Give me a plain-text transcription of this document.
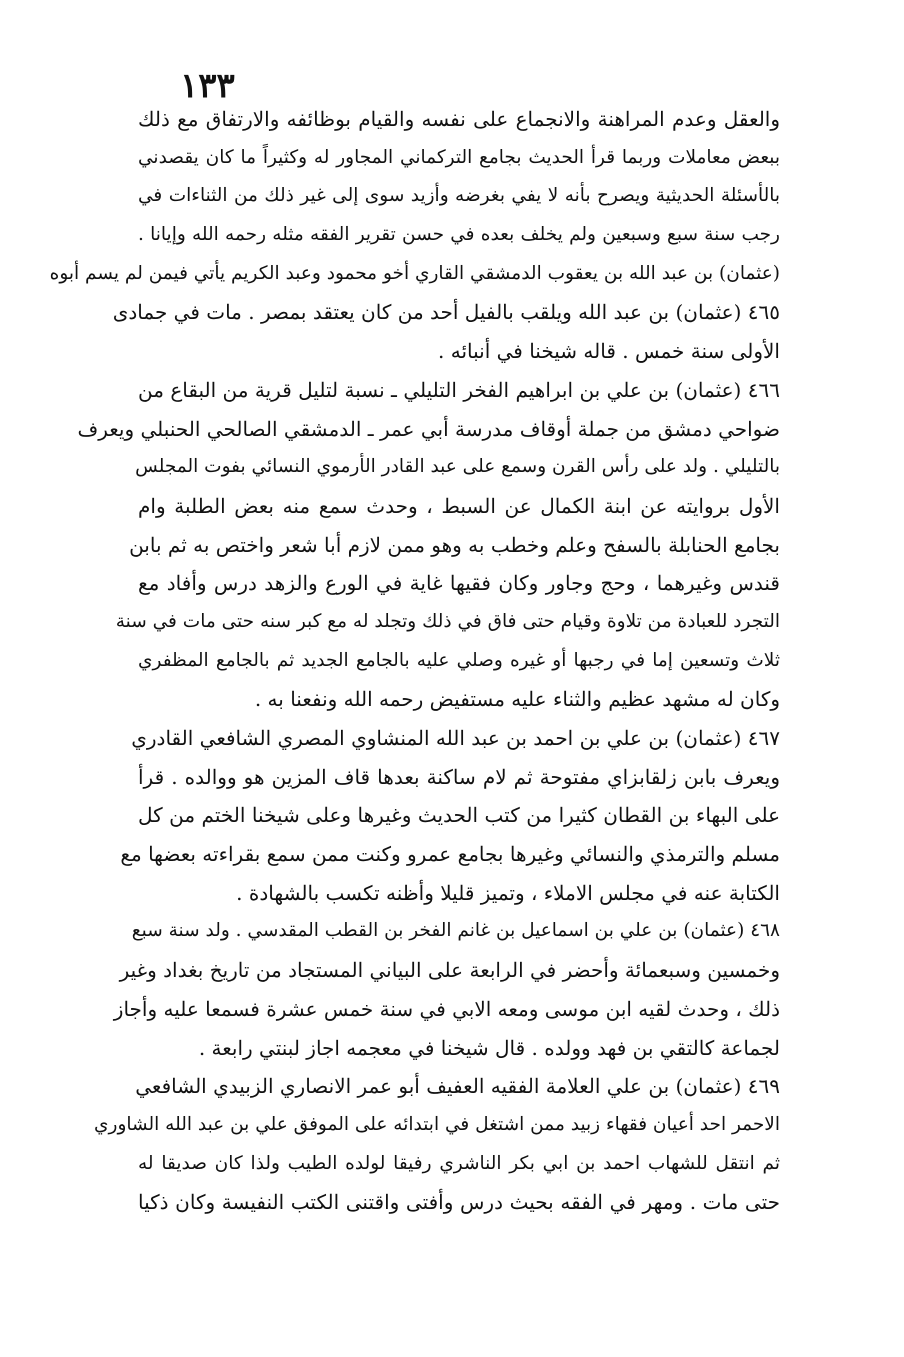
١٣٣
والعقل وعدم المراهنة والانجماع على نفسه والقيام بوظائفه والارتفاق مع ذلك
ببعض معاملات وربما قرأ الحديث بجامع التركماني المجاور له وكثيراً ما كان يقصدني
بالأسئلة الحديثية ويصرح بأنه لا يفي بغرضه وأزيد سوى إلى غير ذلك من الثناءات في
رجب سنة سبع وسبعين ولم يخلف بعده في حسن تقرير الفقه مثله رحمه الله وإيانا .
(عثمان) بن عبد الله بن يعقوب الدمشقي القاري أخو محمود وعبد الكريم يأتي فيمن لم يسم أبوه
٤٦٥ (عثمان) بن عبد الله ويلقب بالفيل أحد من كان يعتقد بمصر . مات في جمادى
الأولى سنة خمس . قاله شيخنا في أنبائه .
٤٦٦ (عثمان) بن علي بن ابراهيم الفخر التليلي ـ نسبة لتليل قرية من البقاع من
ضواحي دمشق من جملة أوقاف مدرسة أبي عمر ـ الدمشقي الصالحي الحنبلي ويعرف
بالتليلي . ولد على رأس القرن وسمع على عبد القادر الأرموي النسائي بفوت المجلس
الأول بروايته عن ابنة الكمال عن السبط ، وحدث سمع منه بعض الطلبة وام
بجامع الحنابلة بالسفح وعلم وخطب به وهو ممن لازم أبا شعر واختص به ثم بابن
قندس وغيرهما ، وحج وجاور وكان فقيها غاية في الورع والزهد درس وأفاد مع
التجرد للعبادة من تلاوة وقيام حتى فاق في ذلك وتجلد له مع كبر سنه حتى مات في سنة
ثلاث وتسعين إما في رجبها أو غيره وصلي عليه بالجامع الجديد ثم بالجامع المظفري
وكان له مشهد عظيم والثناء عليه مستفيض رحمه الله ونفعنا به .
٤٦٧ (عثمان) بن علي بن احمد بن عبد الله المنشاوي المصري الشافعي القادري
ويعرف بابن زلقابزاي مفتوحة ثم لام ساكنة بعدها قاف المزين هو ووالده . قرأ
على البهاء بن القطان كثيرا من كتب الحديث وغيرها وعلى شيخنا الختم من كل
مسلم والترمذي والنسائي وغيرها بجامع عمرو وكنت ممن سمع بقراءته بعضها مع
الكتابة عنه في مجلس الاملاء ، وتميز قليلا وأظنه تكسب بالشهادة .
٤٦٨ (عثمان) بن علي بن اسماعيل بن غانم الفخر بن القطب المقدسي . ولد سنة سبع
وخمسين وسبعمائة وأحضر في الرابعة على البياني المستجاد من تاريخ بغداد وغير
ذلك ، وحدث لقيه ابن موسى ومعه الابي في سنة خمس عشرة فسمعا عليه وأجاز
لجماعة كالتقي بن فهد وولده . قال شيخنا في معجمه اجاز لبنتي رابعة .
٤٦٩ (عثمان) بن علي العلامة الفقيه العفيف أبو عمر الانصاري الزبيدي الشافعي
الاحمر احد أعيان فقهاء زبيد ممن اشتغل في ابتدائه على الموفق علي بن عبد الله الشاوري
ثم انتقل للشهاب احمد بن ابي بكر الناشري رفيقا لولده الطيب ولذا كان صديقا له
حتى مات . ومهر في الفقه بحيث درس وأفتى واقتنى الكتب النفيسة وكان ذكيا
